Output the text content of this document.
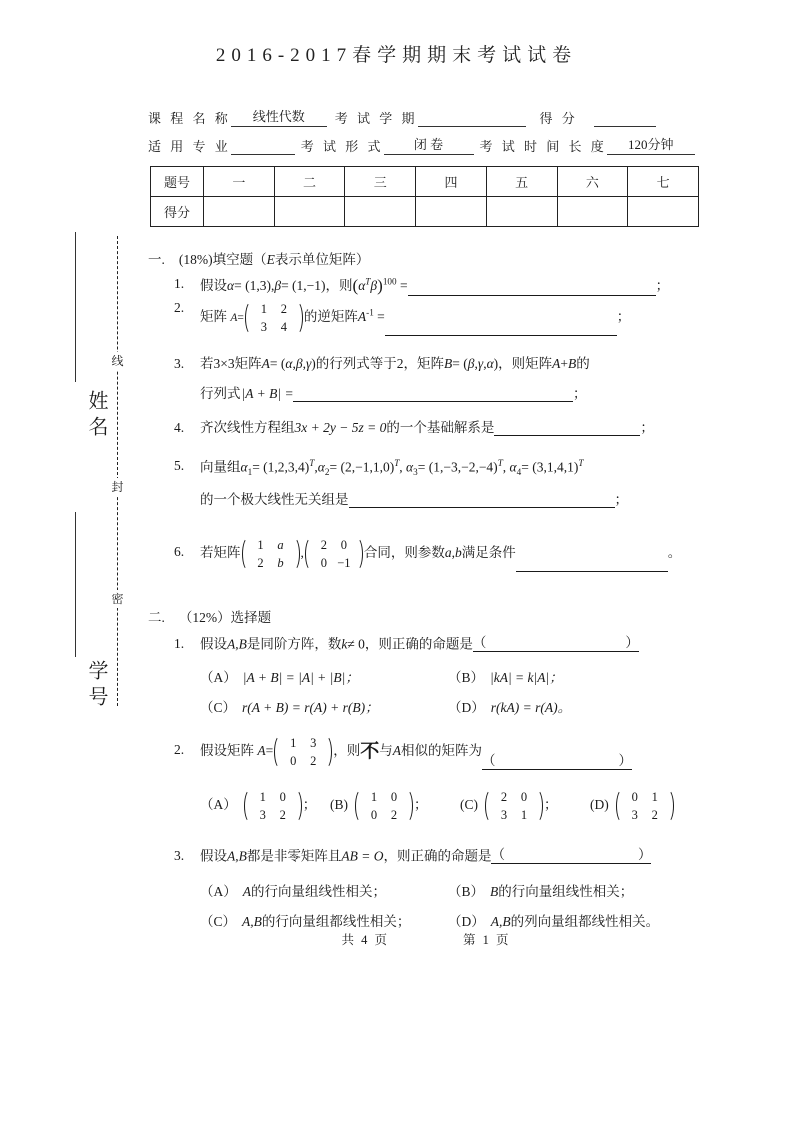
2016-2017春学期期末考试试卷
姓名
学号
线
封
密
课 程 名 称	线性代数	考 试 学 期	得 分
适 用 专 业	考 试 形 式	闭 卷	考 试 时 间 长 度	120分钟
题号	一	二	三	四	五	六	七
得分							
一. (18%)填空题（E表示单位矩阵）
1. 假设α= (1,3),β= (1,−1)，则$(\alpha^T\beta)^{100}$ =	；
2.
矩阵 A=
1 2
3 4
的逆矩阵$A^{-1}$ =	；
3. 若3×3矩阵A= (α,β,γ)的行列式等于2，矩阵B= (β,γ,α)，则矩阵A+B的
行列式|A + B| =	；
4. 齐次线性方程组3x + 2y − 5z = 0的一个基础解系是	；
5. 向量组$\alpha_1= (1,2,3,4)^T,\alpha_2= (2,-1,1,0)^T$, $\alpha_3= (1,-3,-2,-4)^T$, $\alpha_4= (3,1,4,1)^T$
的一个极大线性无关组是	；
6. 若矩阵
1 a
2 b
,
2 0
0 −1
合同，则参数a,b满足条件	。
二. （12%）选择题
1. 假设A,B是同阶方阵，数k≠ 0，则正确的命题是 （	）
（A） |A + B| = |A| + |B|；	（B） |kA| = k|A|；
（C） r(A + B) = r(A) + r(B)；	（D） r(kA) = r(A)。
2. 假设矩阵 A=
1 3
0 2
，则不与A相似的矩阵为
（	）
（A）
1 0
3 2
； (B)
1 0
0 2
； (C)
2 0
3 1
； (D)
0 1
3 2
3. 假设A,B都是非零矩阵且AB = O，则正确的命题是 （	）
（A） A的行向量组线性相关；	（B） B的行向量组线性相关；
（C） A,B的行向量组都线性相关；	（D） A,B的列向量组都线性相关。
共 4 页	第 1 页
